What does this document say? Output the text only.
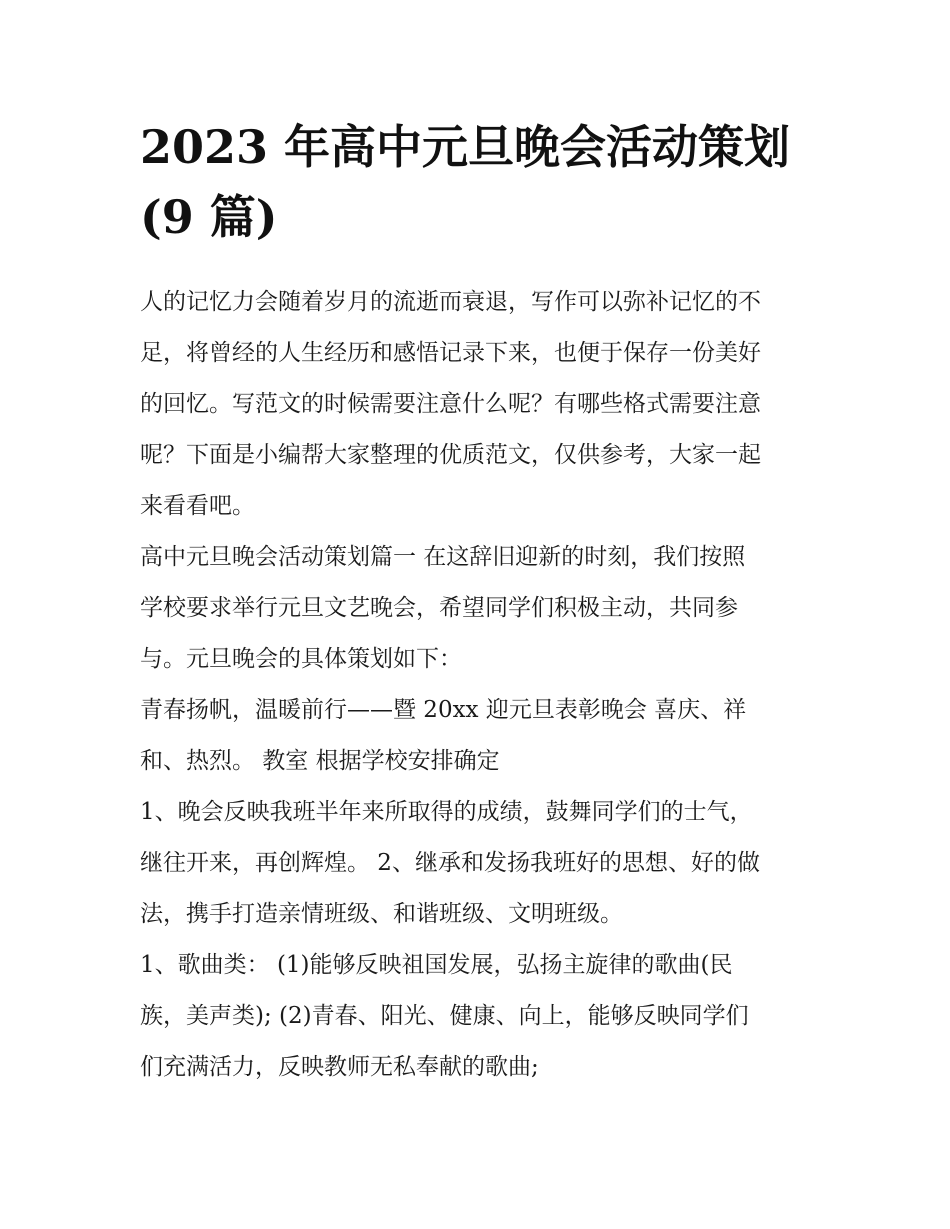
2023 年高中元旦晚会活动策划
(9 篇)
人的记忆力会随着岁月的流逝而衰退，写作可以弥补记忆的不
足，将曾经的人生经历和感悟记录下来，也便于保存一份美好
的回忆。写范文的时候需要注意什么呢？有哪些格式需要注意
呢？下面是小编帮大家整理的优质范文，仅供参考，大家一起
来看看吧。
高中元旦晚会活动策划篇一 在这辞旧迎新的时刻，我们按照
学校要求举行元旦文艺晚会，希望同学们积极主动，共同参
与。元旦晚会的具体策划如下：
青春扬帆，温暖前行——暨 20xx 迎元旦表彰晚会 喜庆、祥
和、热烈。 教室 根据学校安排确定
1、晚会反映我班半年来所取得的成绩，鼓舞同学们的士气，
继往开来，再创辉煌。 2、继承和发扬我班好的思想、好的做
法，携手打造亲情班级、和谐班级、文明班级。
1、歌曲类： (1)能够反映祖国发展，弘扬主旋律的歌曲(民
族，美声类); (2)青春、阳光、健康、向上，能够反映同学们
们充满活力，反映教师无私奉献的歌曲;
